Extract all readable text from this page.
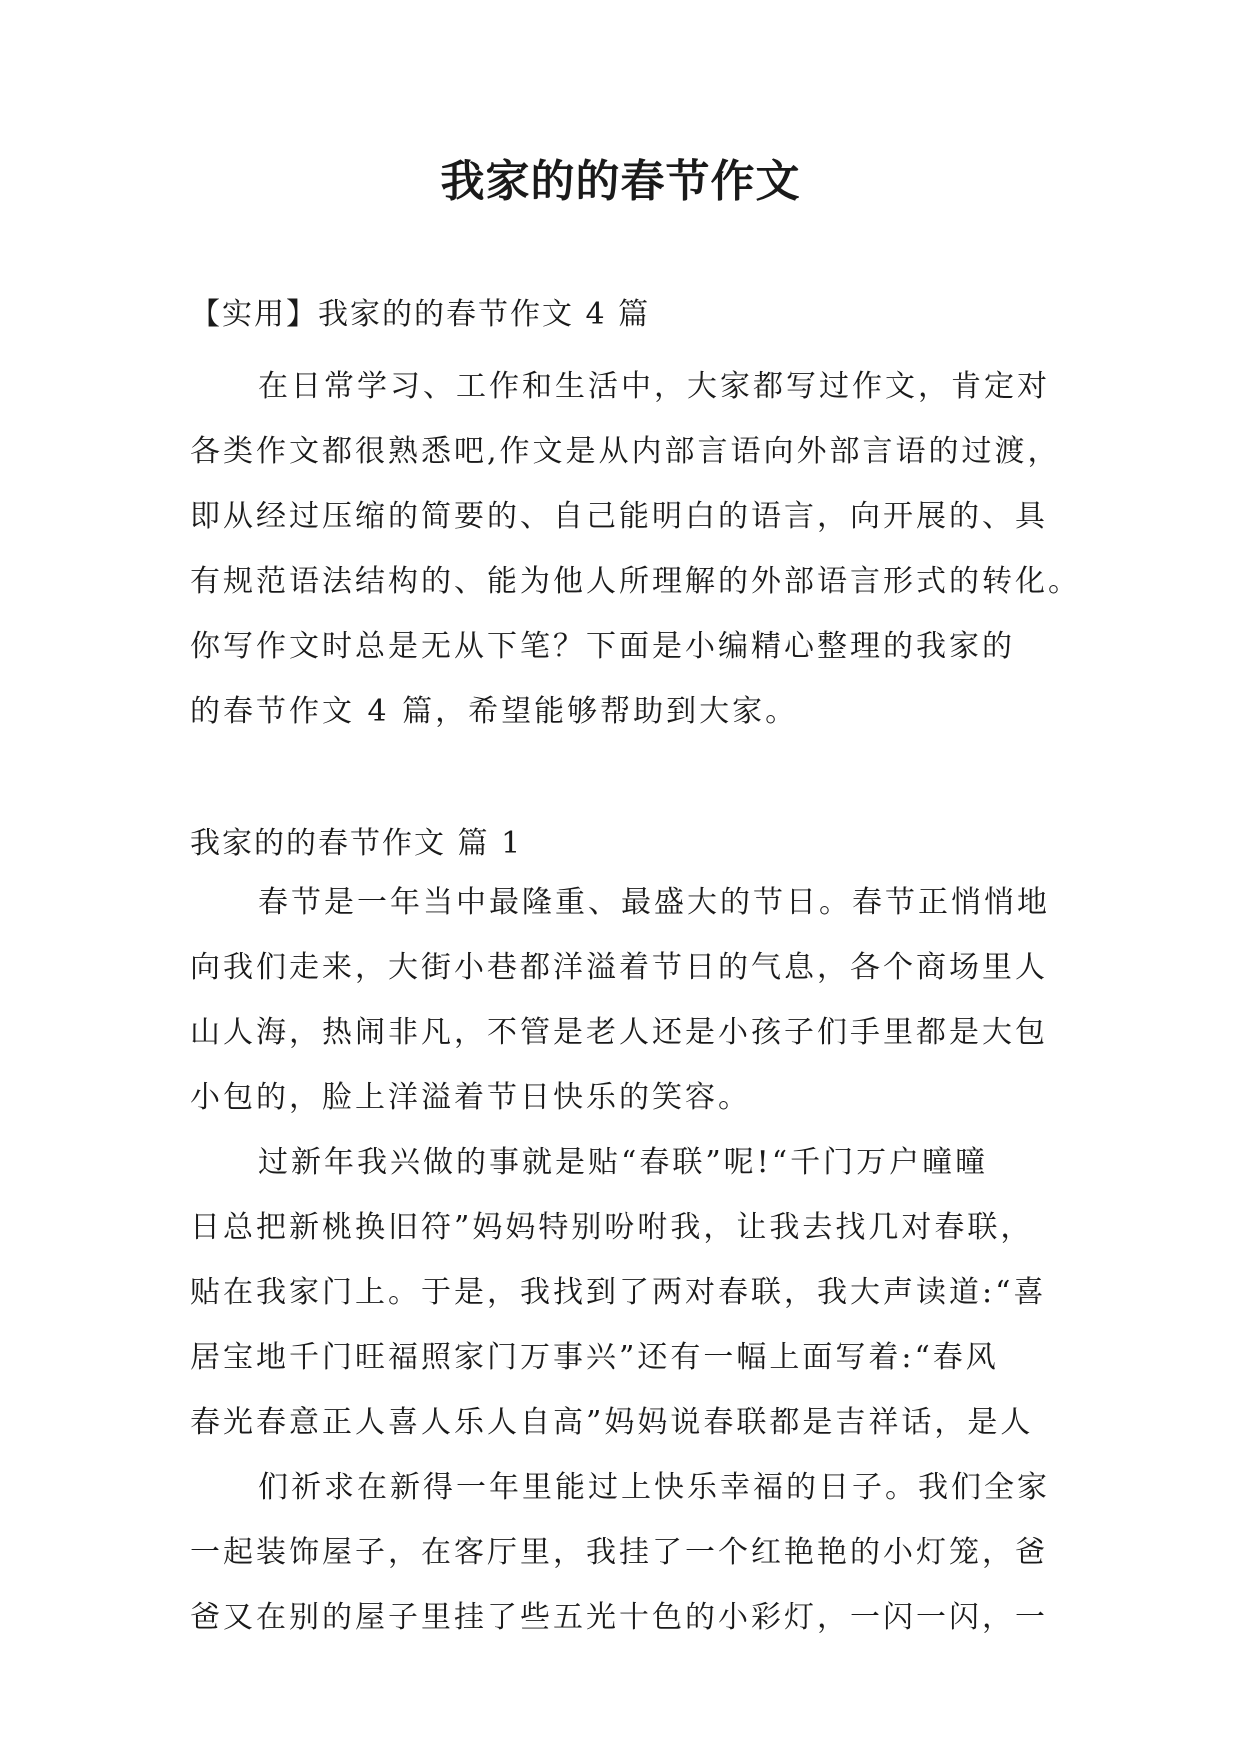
我家的的春节作文
【实用】我家的的春节作文 4 篇
在日常学习、工作和生活中，大家都写过作文，肯定对
各类作文都很熟悉吧,作文是从内部言语向外部言语的过渡，
即从经过压缩的简要的、自己能明白的语言，向开展的、具
有规范语法结构的、能为他人所理解的外部语言形式的转化。
你写作文时总是无从下笔？下面是小编精心整理的我家的
的春节作文 4 篇，希望能够帮助到大家。
我家的的春节作文 篇 1
春节是一年当中最隆重、最盛大的节日。春节正悄悄地
向我们走来，大街小巷都洋溢着节日的气息，各个商场里人
山人海，热闹非凡，不管是老人还是小孩子们手里都是大包
小包的，脸上洋溢着节日快乐的笑容。
过新年我兴做的事就是贴“春联”呢!“千门万户曈曈
日总把新桃换旧符”妈妈特别吩咐我，让我去找几对春联，
贴在我家门上。于是，我找到了两对春联，我大声读道:“喜
居宝地千门旺福照家门万事兴”还有一幅上面写着:“春风
春光春意正人喜人乐人自高”妈妈说春联都是吉祥话，是人
们祈求在新得一年里能过上快乐幸福的日子。我们全家
一起装饰屋子，在客厅里，我挂了一个红艳艳的小灯笼，爸
爸又在别的屋子里挂了些五光十色的小彩灯，一闪一闪，一
